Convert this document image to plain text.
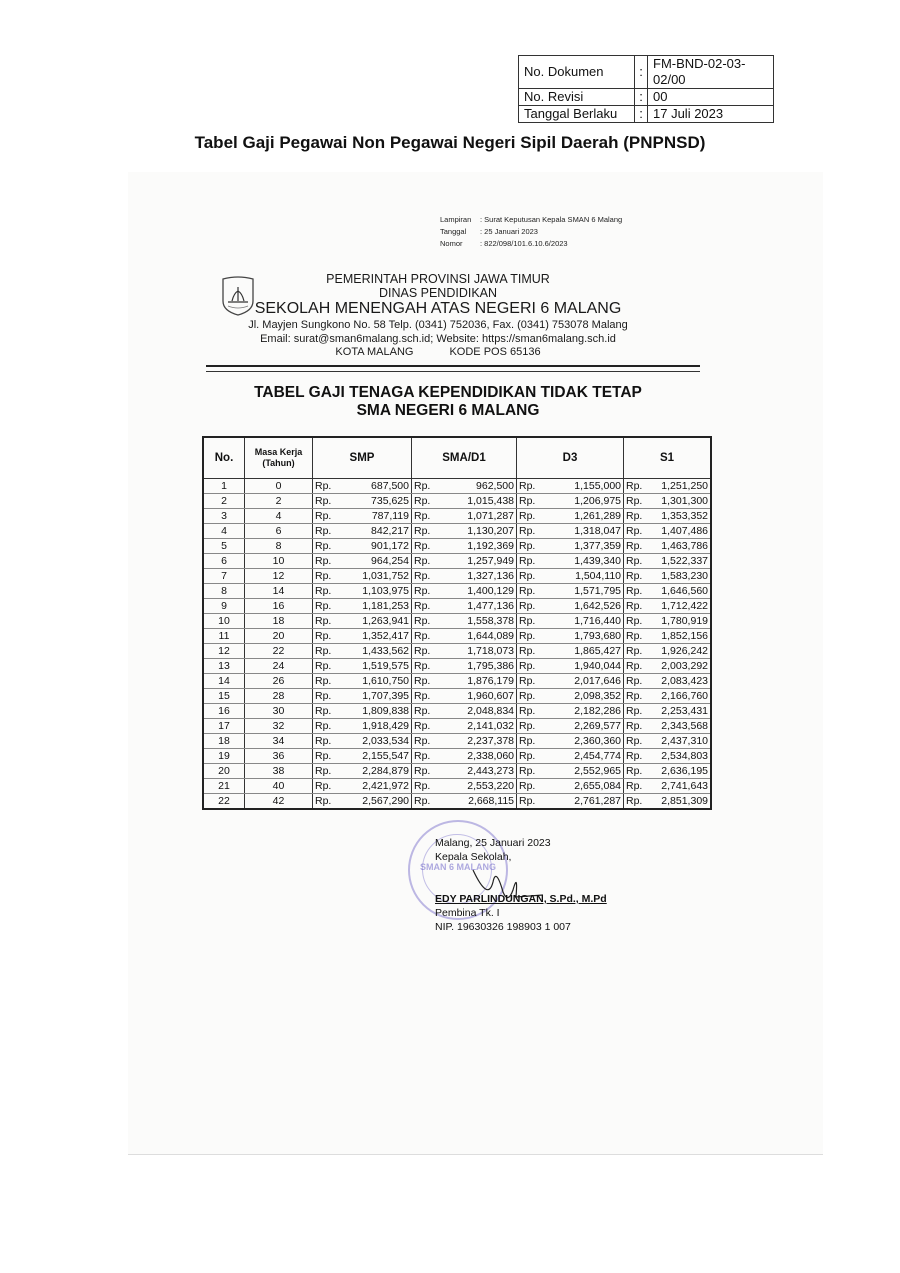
No. Dokumen	:	FM-BND-02-03-02/00
No. Revisi	:	00
Tanggal Berlaku	:	17 Juli 2023
Tabel Gaji Pegawai Non Pegawai Negeri Sipil Daerah (PNPNSD)
Lampiran : Surat Keputusan Kepala SMAN 6 Malang
Tanggal : 25 Januari 2023
Nomor : 822/098/101.6.10.6/2023
PEMERINTAH PROVINSI JAWA TIMUR
DINAS PENDIDIKAN
SEKOLAH MENENGAH ATAS NEGERI 6 MALANG
Jl. Mayjen Sungkono No. 58 Telp. (0341) 752036, Fax. (0341) 753078 Malang
Email: surat@sman6malang.sch.id; Website: https://sman6malang.sch.id
KOTA MALANG	KODE POS 65136
TABEL GAJI TENAGA KEPENDIDIKAN TIDAK TETAP
SMA NEGERI 6 MALANG
No.	Masa Kerja (Tahun)	SMP		SMA/D1		D3		S1	
1	0	Rp.	687,500	Rp.	962,500	Rp.	1,155,000	Rp.	1,251,250
2	2	Rp.	735,625	Rp.	1,015,438	Rp.	1,206,975	Rp.	1,301,300
3	4	Rp.	787,119	Rp.	1,071,287	Rp.	1,261,289	Rp.	1,353,352
4	6	Rp.	842,217	Rp.	1,130,207	Rp.	1,318,047	Rp.	1,407,486
5	8	Rp.	901,172	Rp.	1,192,369	Rp.	1,377,359	Rp.	1,463,786
6	10	Rp.	964,254	Rp.	1,257,949	Rp.	1,439,340	Rp.	1,522,337
7	12	Rp.	1,031,752	Rp.	1,327,136	Rp.	1,504,110	Rp.	1,583,230
8	14	Rp.	1,103,975	Rp.	1,400,129	Rp.	1,571,795	Rp.	1,646,560
9	16	Rp.	1,181,253	Rp.	1,477,136	Rp.	1,642,526	Rp.	1,712,422
10	18	Rp.	1,263,941	Rp.	1,558,378	Rp.	1,716,440	Rp.	1,780,919
11	20	Rp.	1,352,417	Rp.	1,644,089	Rp.	1,793,680	Rp.	1,852,156
12	22	Rp.	1,433,562	Rp.	1,718,073	Rp.	1,865,427	Rp.	1,926,242
13	24	Rp.	1,519,575	Rp.	1,795,386	Rp.	1,940,044	Rp.	2,003,292
14	26	Rp.	1,610,750	Rp.	1,876,179	Rp.	2,017,646	Rp.	2,083,423
15	28	Rp.	1,707,395	Rp.	1,960,607	Rp.	2,098,352	Rp.	2,166,760
16	30	Rp.	1,809,838	Rp.	2,048,834	Rp.	2,182,286	Rp.	2,253,431
17	32	Rp.	1,918,429	Rp.	2,141,032	Rp.	2,269,577	Rp.	2,343,568
18	34	Rp.	2,033,534	Rp.	2,237,378	Rp.	2,360,360	Rp.	2,437,310
19	36	Rp.	2,155,547	Rp.	2,338,060	Rp.	2,454,774	Rp.	2,534,803
20	38	Rp.	2,284,879	Rp.	2,443,273	Rp.	2,552,965	Rp.	2,636,195
21	40	Rp.	2,421,972	Rp.	2,553,220	Rp.	2,655,084	Rp.	2,741,643
22	42	Rp.	2,567,290	Rp.	2,668,115	Rp.	2,761,287	Rp.	2,851,309
SMAN 6 MALANG
Malang, 25 Januari 2023
Kepala Sekolah,
EDY PARLINDUNGAN, S.Pd., M.Pd
Pembina Tk. I
NIP. 19630326 198903 1 007
